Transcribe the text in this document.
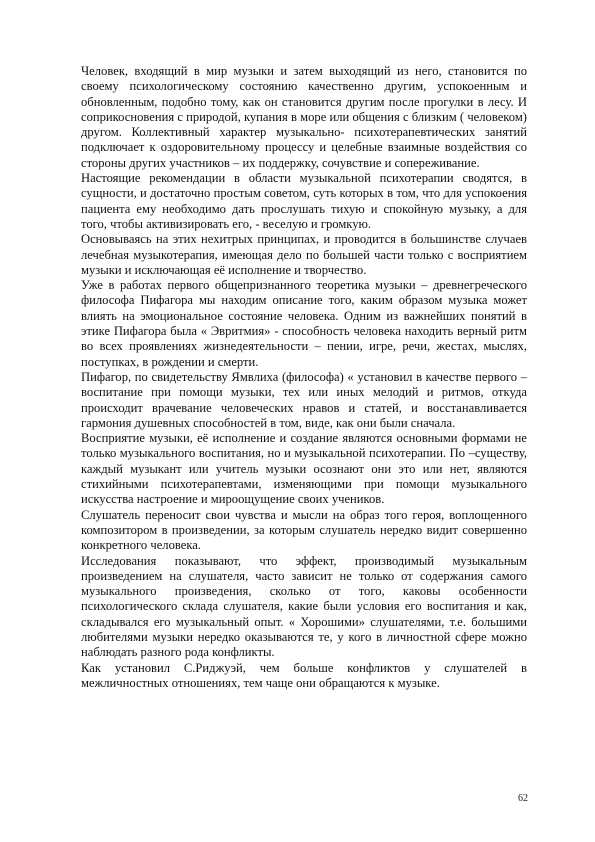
Человек, входящий в мир музыки и затем выходящий из него, становится по своему психологическому состоянию качественно другим, успокоенным и обновленным, подобно тому, как он становится другим после прогулки в лесу. И соприкосновения с природой, купания в море или общения с близким ( человеком) другом. Коллективный характер музыкально- психотерапевтических занятий подключает к оздоровительному процессу и целебные взаимные воздействия со стороны других участников – их поддержку, сочувствие и сопереживание.

Настоящие рекомендации в области музыкальной психотерапии сводятся, в сущности, и достаточно простым советом, суть которых в том, что для успокоения пациента ему необходимо дать прослушать тихую и спокойную музыку, а для того, чтобы активизировать его, - веселую и громкую.

Основываясь на этих нехитрых принципах, и проводится в большинстве случаев лечебная музыкотерапия, имеющая дело по большей части только с восприятием музыки и исключающая её исполнение и творчество.

Уже в работах первого общепризнанного теоретика музыки – древнегреческого философа Пифагора мы находим описание того, каким образом музыка может влиять на эмоциональное состояние человека. Одним из важнейших понятий в этике Пифагора была « Эвритмия» - способность человека находить верный ритм во всех проявлениях жизнедеятельности – пении, игре, речи, жестах, мыслях, поступках, в рождении и смерти.

Пифагор, по свидетельству Ямвлиха (философа) « установил в качестве первого – воспитание при помощи музыки, тех или иных мелодий и ритмов, откуда происходит врачевание человеческих нравов и статей, и восстанавливается гармония душевных способностей в том, виде, как они были сначала.

Восприятие музыки, её исполнение и создание являются основными формами не только музыкального воспитания, но и музыкальной психотерапии. По –существу, каждый музыкант или учитель музыки осознают они это или нет, являются стихийными психотерапевтами, изменяющими при помощи музыкального искусства настроение и мироощущение своих учеников.

Слушатель переносит свои чувства и мысли на образ того героя, воплощенного композитором в произведении, за которым слушатель нередко видит совершенно конкретного человека.

Исследования показывают, что эффект, производимый музыкальным произведением на слушателя, часто зависит не только от содержания самого музыкального произведения, сколько от того, каковы особенности психологического склада слушателя, какие были условия его воспитания и как, складывался его музыкальный опыт. « Хорошими» слушателями, т.е. большими любителями музыки нередко оказываются те, у кого в личностной сфере можно наблюдать разного рода конфликты.

Как установил С.Риджуэй, чем больше конфликтов у слушателей в межличностных отношениях, тем чаще они обращаются к музыке.

62
